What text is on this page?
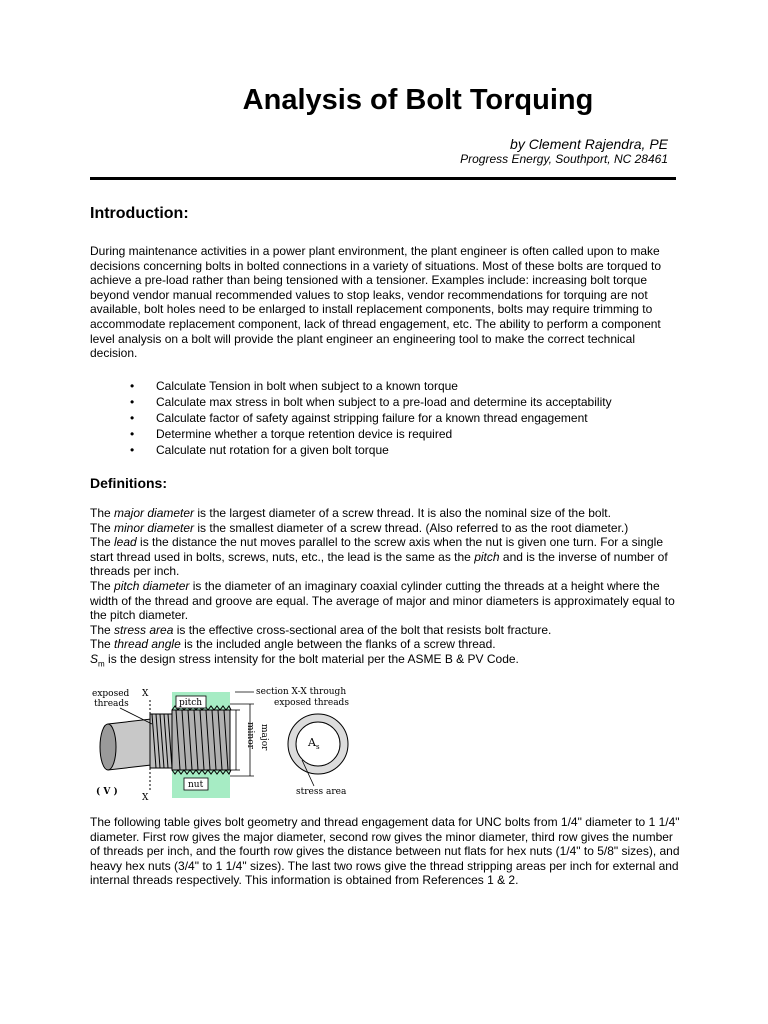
Analysis of Bolt Torquing

by Clement Rajendra, PE

Progress Energy, Southport, NC 28461

Introduction:

During maintenance activities in a power plant environment, the plant engineer is often called upon to make decisions concerning bolts in bolted connections in a variety of situations. Most of these bolts are torqued to achieve a pre-load rather than being tensioned with a tensioner. Examples include: increasing bolt torque beyond vendor manual recommended values to stop leaks, vendor recommendations for torquing are not available, bolt holes need to be enlarged to install replacement components, bolts may require trimming to accommodate replacement component, lack of thread engagement, etc. The ability to perform a component level analysis on a bolt will provide the plant engineer an engineering tool to make the correct technical decision.

• Calculate Tension in bolt when subject to a known torque
• Calculate max stress in bolt when subject to a pre-load and determine its acceptability
• Calculate factor of safety against stripping failure for a known thread engagement
• Determine whether a torque retention device is required
• Calculate nut rotation for a given bolt torque
Definitions:
The major diameter is the largest diameter of a screw thread. It is also the nominal size of the bolt.
The minor diameter is the smallest diameter of a screw thread. (Also referred to as the root diameter.)
The lead is the distance the nut moves parallel to the screw axis when the nut is given one turn. For a single start thread used in bolts, screws, nuts, etc., the lead is the same as the pitch and is the inverse of number of threads per inch.
The pitch diameter is the diameter of an imaginary coaxial cylinder cutting the threads at a height where the width of the thread and groove are equal. The average of major and minor diameters is approximately equal to the pitch diameter.
The stress area is the effective cross-sectional area of the bolt that resists bolt fracture.
The thread angle is the included angle between the flanks of a screw thread.
$S_m$ is the design stress intensity for the bolt material per the ASME B & PV Code.
pitch
nut
X
X
exposed
threads
( V )
minor major
section X-X through
exposed threads
A s
stress area

The following table gives bolt geometry and thread engagement data for UNC bolts from 1/4" diameter to 1 1/4" diameter. First row gives the major diameter, second row gives the minor diameter, third row gives the number of threads per inch, and the fourth row gives the distance between nut flats for hex nuts (1/4" to 5/8" sizes), and heavy hex nuts (3/4" to 1 1/4" sizes). The last two rows give the thread stripping areas per inch for external and internal threads respectively. This information is obtained from References 1 & 2.
